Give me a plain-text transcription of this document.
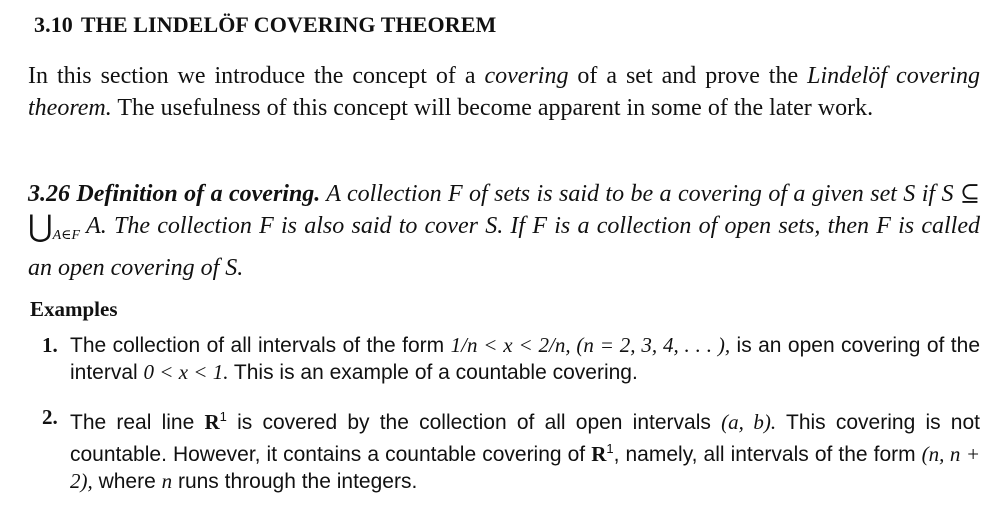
3.10 THE LINDELÖF COVERING THEOREM

In this section we introduce the concept of a covering of a set and prove the Lindelöf covering theorem. The usefulness of this concept will become apparent in some of the later work.

3.26 Definition of a covering. A collection F of sets is said to be a covering of a given set S if S ⊆ $⋃_{A\in F}$ A. The collection F is also said to cover S. If F is a collection of open sets, then F is called an open covering of S.

Examples
1. The collection of all intervals of the form 1/n < x < 2/n, (n = 2, 3, 4, . . . ), is an open covering of the interval 0 < x < 1. This is an example of a countable covering.
2. The real line $R^1$ is covered by the collection of all open intervals (a, b). This covering is not countable. However, it contains a countable covering of $R^1$, namely, all intervals of the form (n, n + 2), where n runs through the integers.
